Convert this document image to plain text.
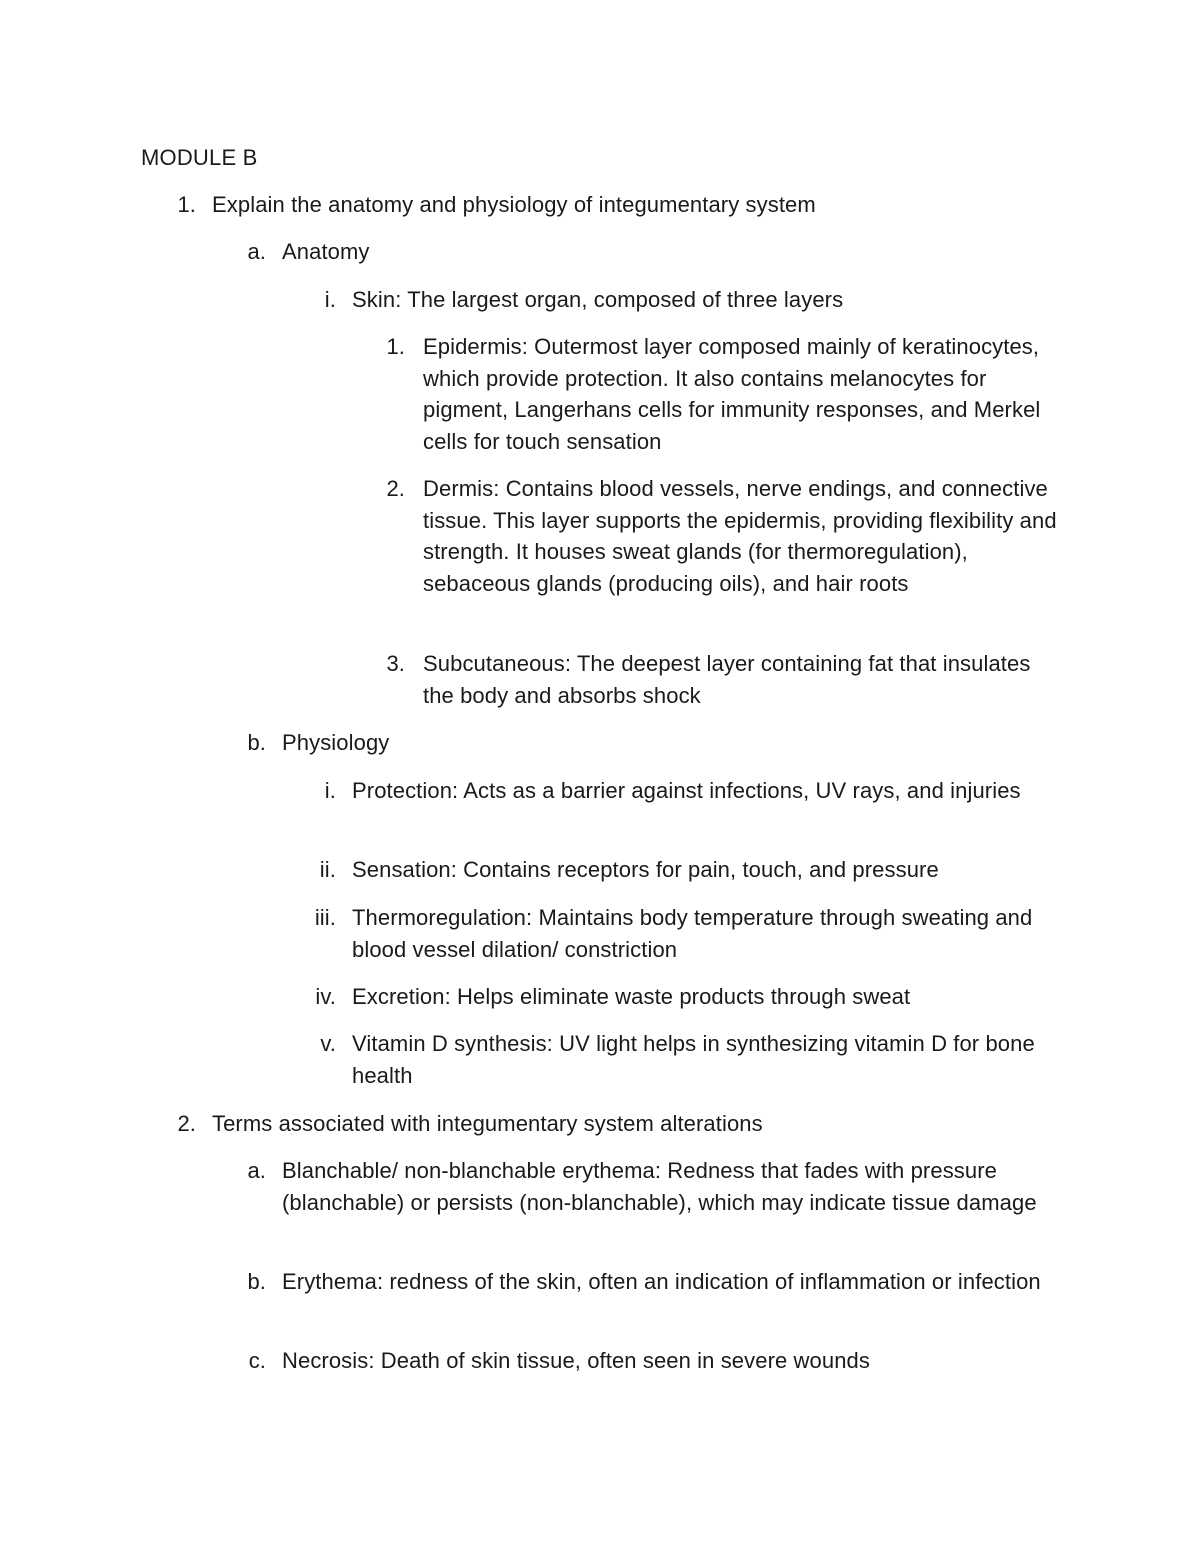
MODULE B
1. Explain the anatomy and physiology of integumentary system
a. Anatomy
i. Skin: The largest organ, composed of three layers
1. Epidermis: Outermost layer composed mainly of keratinocytes, which provide protection. It also contains melanocytes for pigment, Langerhans cells for immunity responses, and Merkel cells for touch sensation
2. Dermis: Contains blood vessels, nerve endings, and connective tissue. This layer supports the epidermis, providing flexibility and strength. It houses sweat glands (for thermoregulation), sebaceous glands (producing oils), and hair roots
3. Subcutaneous: The deepest layer containing fat that insulates the body and absorbs shock
b. Physiology
i. Protection: Acts as a barrier against infections, UV rays, and injuries
ii. Sensation: Contains receptors for pain, touch, and pressure
iii. Thermoregulation: Maintains body temperature through sweating and blood vessel dilation/ constriction
iv. Excretion: Helps eliminate waste products through sweat
v. Vitamin D synthesis: UV light helps in synthesizing vitamin D for bone health
2. Terms associated with integumentary system alterations
a. Blanchable/ non-blanchable erythema: Redness that fades with pressure (blanchable) or persists (non-blanchable), which may indicate tissue damage
b. Erythema: redness of the skin, often an indication of inflammation or infection
c. Necrosis: Death of skin tissue, often seen in severe wounds
